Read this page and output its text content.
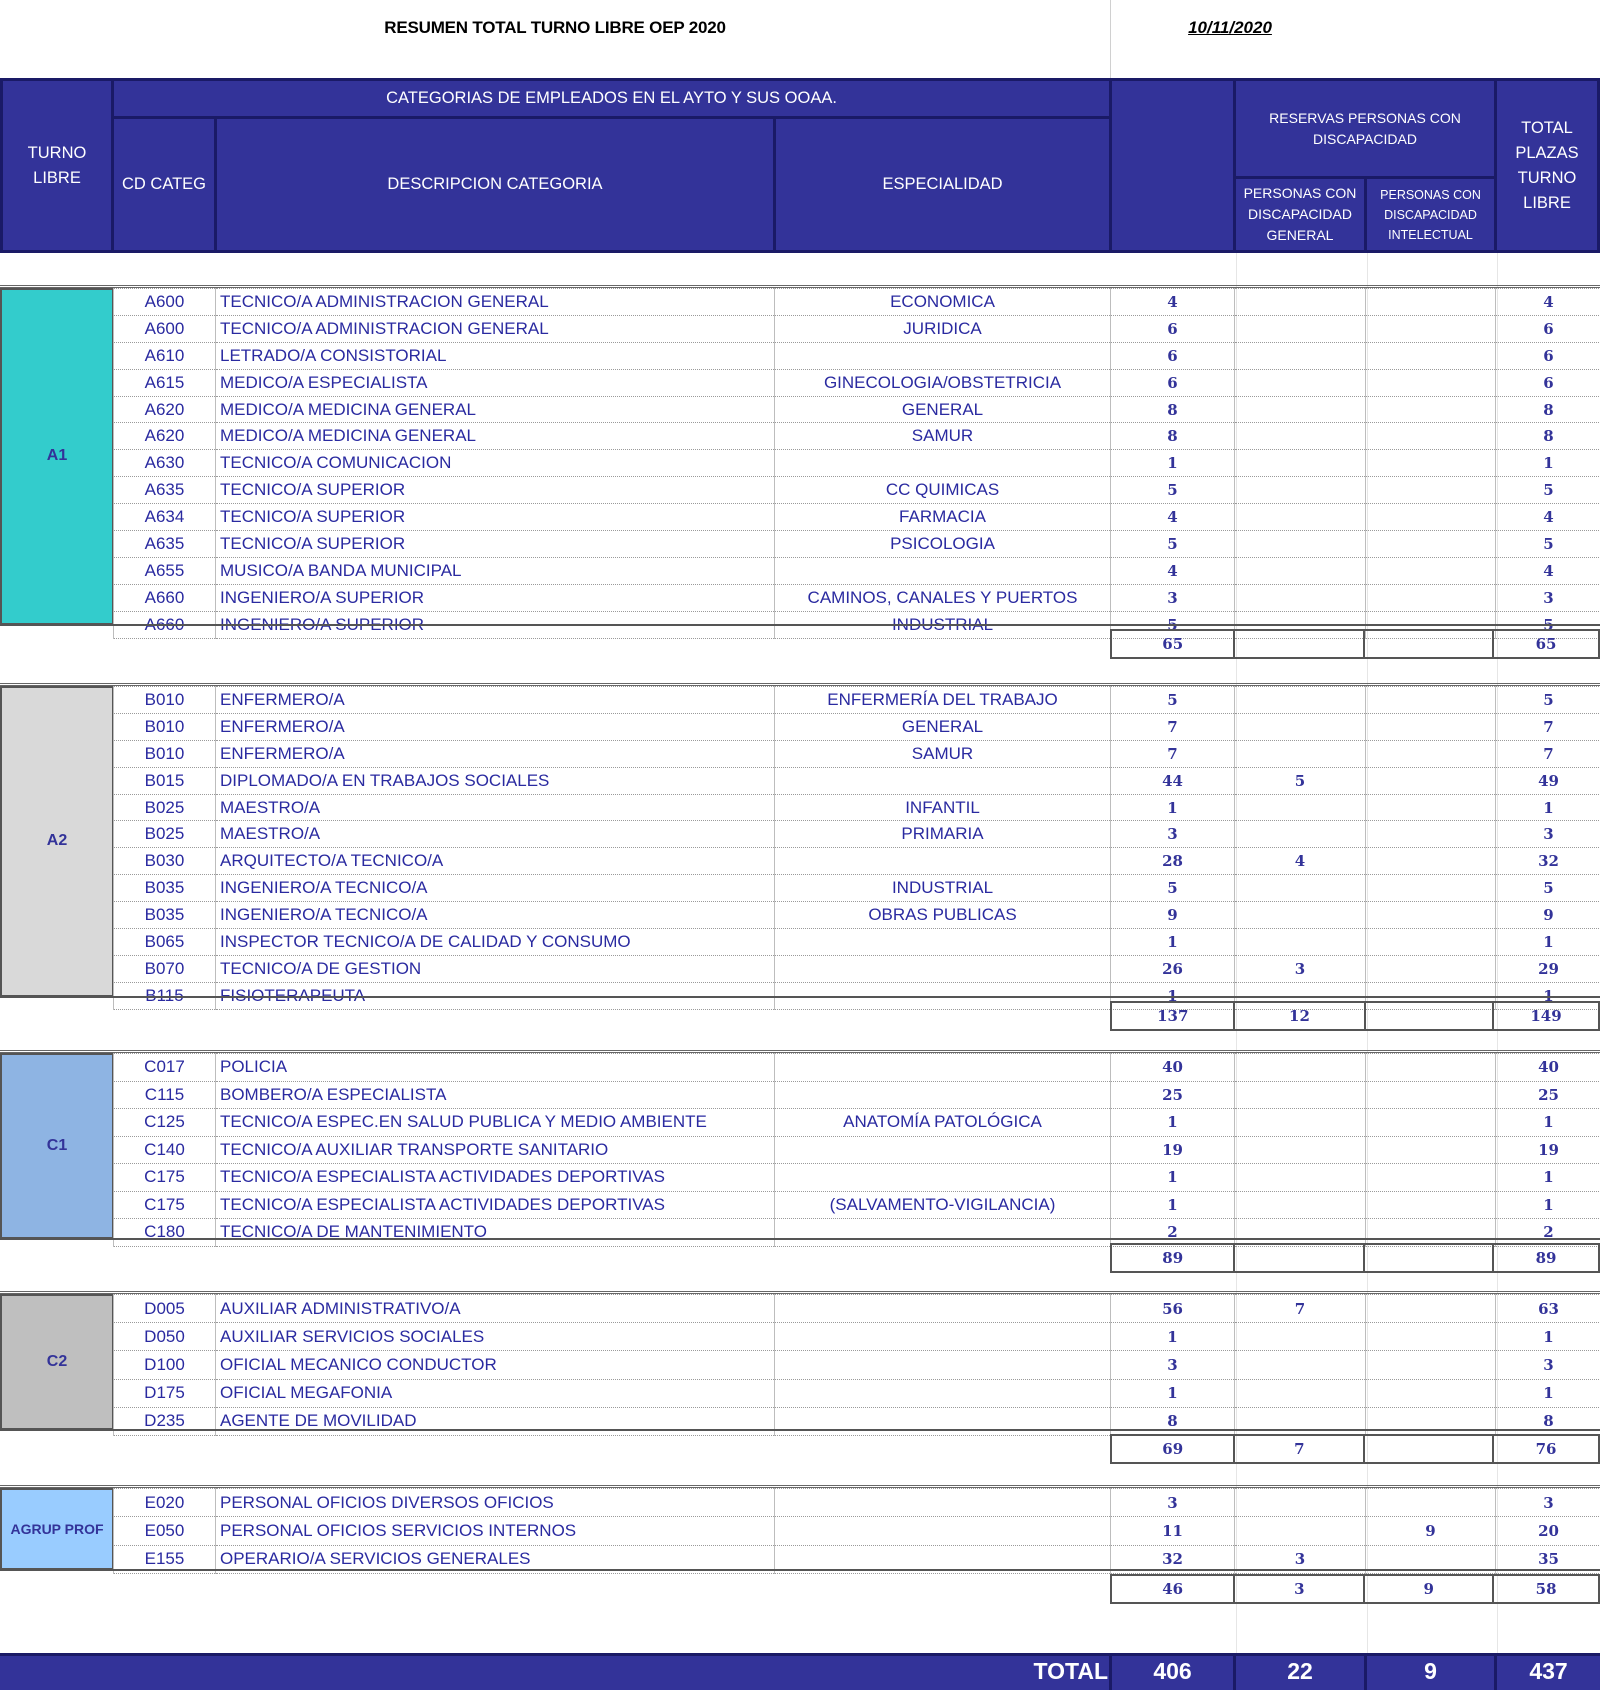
RESUMEN TOTAL TURNO LIBRE OEP 2020	10/11/2020
TURNO LIBRE
CATEGORIAS DE EMPLEADOS EN EL AYTO Y SUS OOAA.
CD CATEG	DESCRIPCION CATEGORIA	ESPECIALIDAD
RESERVAS PERSONAS CON DISCAPACIDAD
PERSONAS CON DISCAPACIDAD GENERAL
PERSONAS CON DISCAPACIDAD INTELECTUAL
TOTAL PLAZAS TURNO LIBRE
A1
A600	TECNICO/A ADMINISTRACION GENERAL	ECONOMICA	4			4
A600	TECNICO/A ADMINISTRACION GENERAL	JURIDICA	6			6
A610	LETRADO/A CONSISTORIAL		6			6
A615	MEDICO/A ESPECIALISTA	GINECOLOGIA/OBSTETRICIA	6			6
A620	MEDICO/A MEDICINA GENERAL	GENERAL	8			8
A620	MEDICO/A MEDICINA GENERAL	SAMUR	8			8
A630	TECNICO/A COMUNICACION		1			1
A635	TECNICO/A SUPERIOR	CC QUIMICAS	5			5
A634	TECNICO/A SUPERIOR	FARMACIA	4			4
A635	TECNICO/A SUPERIOR	PSICOLOGIA	5			5
A655	MUSICO/A BANDA MUNICIPAL		4			4
A660	INGENIERO/A SUPERIOR	CAMINOS, CANALES Y PUERTOS	3			3
A660	INGENIERO/A SUPERIOR	INDUSTRIAL	5			5
65			65
A2
B010	ENFERMERO/A	ENFERMERÍA DEL TRABAJO	5			5
B010	ENFERMERO/A	GENERAL	7			7
B010	ENFERMERO/A	SAMUR	7			7
B015	DIPLOMADO/A EN TRABAJOS SOCIALES		44	5		49
B025	MAESTRO/A	INFANTIL	1			1
B025	MAESTRO/A	PRIMARIA	3			3
B030	ARQUITECTO/A TECNICO/A		28	4		32
B035	INGENIERO/A TECNICO/A	INDUSTRIAL	5			5
B035	INGENIERO/A TECNICO/A	OBRAS PUBLICAS	9			9
B065	INSPECTOR TECNICO/A DE CALIDAD Y CONSUMO		1			1
B070	TECNICO/A DE GESTION		26	3		29
B115	FISIOTERAPEUTA		1			1
137	12		149
C1
C017	POLICIA		40			40
C115	BOMBERO/A ESPECIALISTA		25			25
C125	TECNICO/A ESPEC.EN SALUD PUBLICA Y MEDIO AMBIENTE	ANATOMÍA PATOLÓGICA	1			1
C140	TECNICO/A AUXILIAR TRANSPORTE SANITARIO		19			19
C175	TECNICO/A ESPECIALISTA ACTIVIDADES DEPORTIVAS		1			1
C175	TECNICO/A ESPECIALISTA ACTIVIDADES DEPORTIVAS	(SALVAMENTO-VIGILANCIA)	1			1
C180	TECNICO/A DE MANTENIMIENTO		2			2
89			89
C2
D005	AUXILIAR ADMINISTRATIVO/A		56	7		63
D050	AUXILIAR SERVICIOS SOCIALES		1			1
D100	OFICIAL MECANICO CONDUCTOR		3			3
D175	OFICIAL MEGAFONIA		1			1
D235	AGENTE DE MOVILIDAD		8			8
69	7		76
AGRUP PROF
E020	PERSONAL OFICIOS DIVERSOS OFICIOS		3			3
E050	PERSONAL OFICIOS SERVICIOS INTERNOS		11		9	20
E155	OPERARIO/A SERVICIOS GENERALES		32	3		35
46	3	9	58
TOTAL	406	22	9	437
